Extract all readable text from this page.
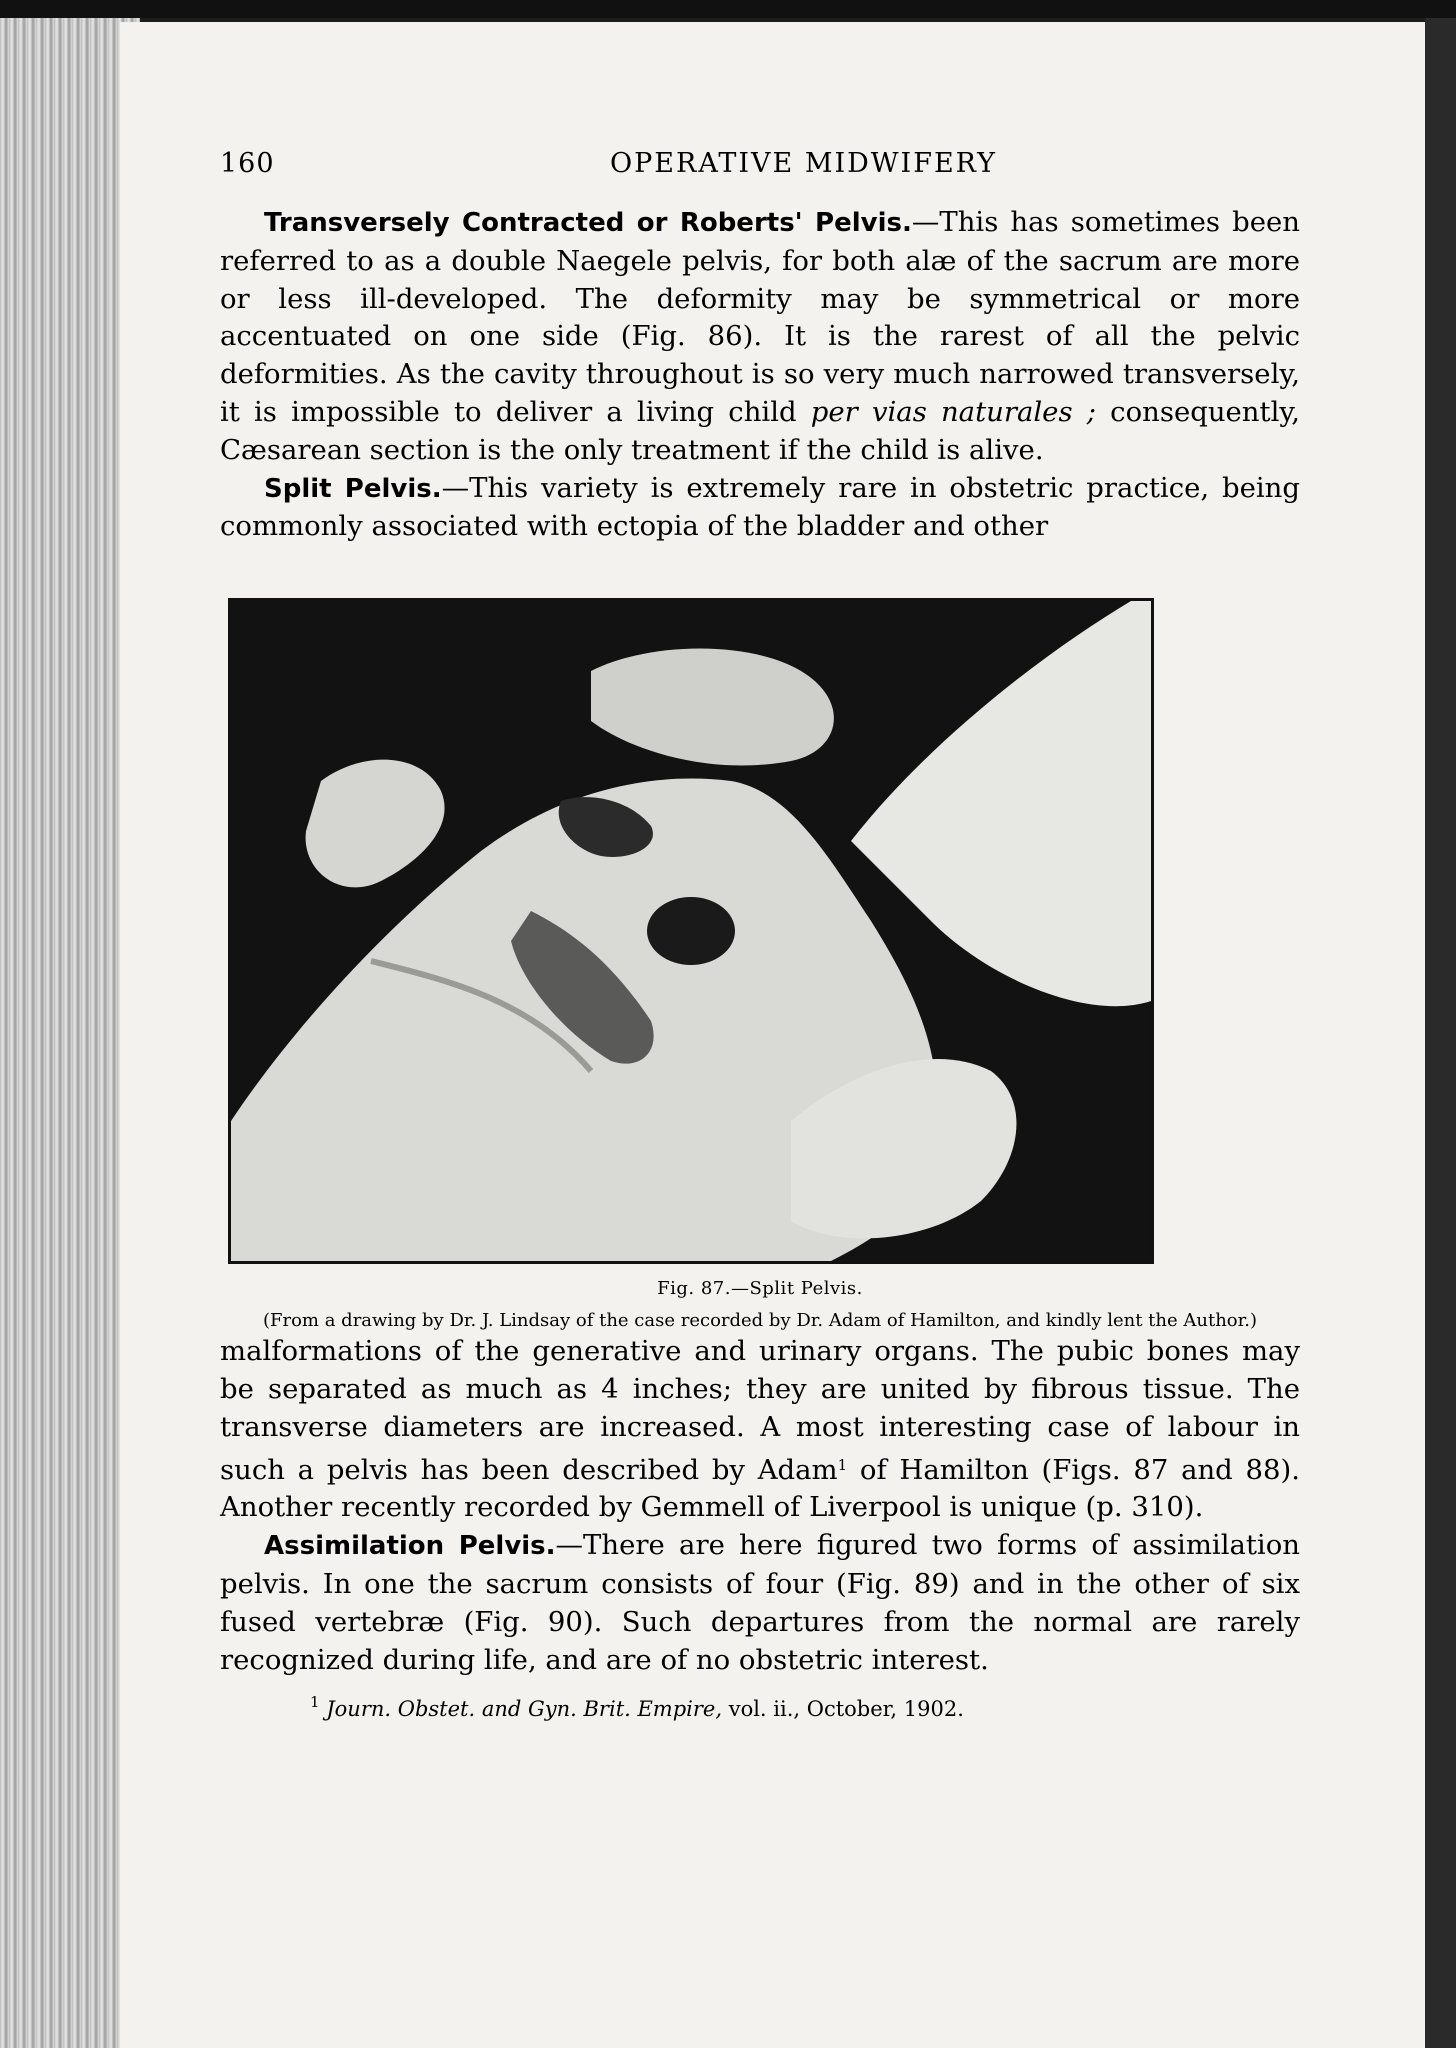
160	OPERATIVE MIDWIFERY

Transversely Contracted or Roberts' Pelvis.—This has sometimes been referred to as a double Naegele pelvis, for both alæ of the sacrum are more or less ill-developed. The deformity may be symmetrical or more accentuated on one side (Fig. 86). It is the rarest of all the pelvic deformities. As the cavity throughout is so very much narrowed transversely, it is impossible to deliver a living child per vias naturales ; consequently, Cæsarean section is the only treatment if the child is alive.

Split Pelvis.—This variety is extremely rare in obstetric practice, being commonly associated with ectopia of the bladder and other

Fig. 87.—Split Pelvis.
(From a drawing by Dr. J. Lindsay of the case recorded by Dr. Adam of Hamilton, and kindly lent the Author.)

malformations of the generative and urinary organs. The pubic bones may be separated as much as 4 inches; they are united by fibrous tissue. The transverse diameters are increased. A most interesting case of labour in such a pelvis has been described by Adam$^1$ of Hamilton (Figs. 87 and 88). Another recently recorded by Gemmell of Liverpool is unique (p. 310).

Assimilation Pelvis.—There are here figured two forms of assimilation pelvis. In one the sacrum consists of four (Fig. 89) and in the other of six fused vertebræ (Fig. 90). Such departures from the normal are rarely recognized during life, and are of no obstetric interest.

$^1$ Journ. Obstet. and Gyn. Brit. Empire, vol. ii., October, 1902.
